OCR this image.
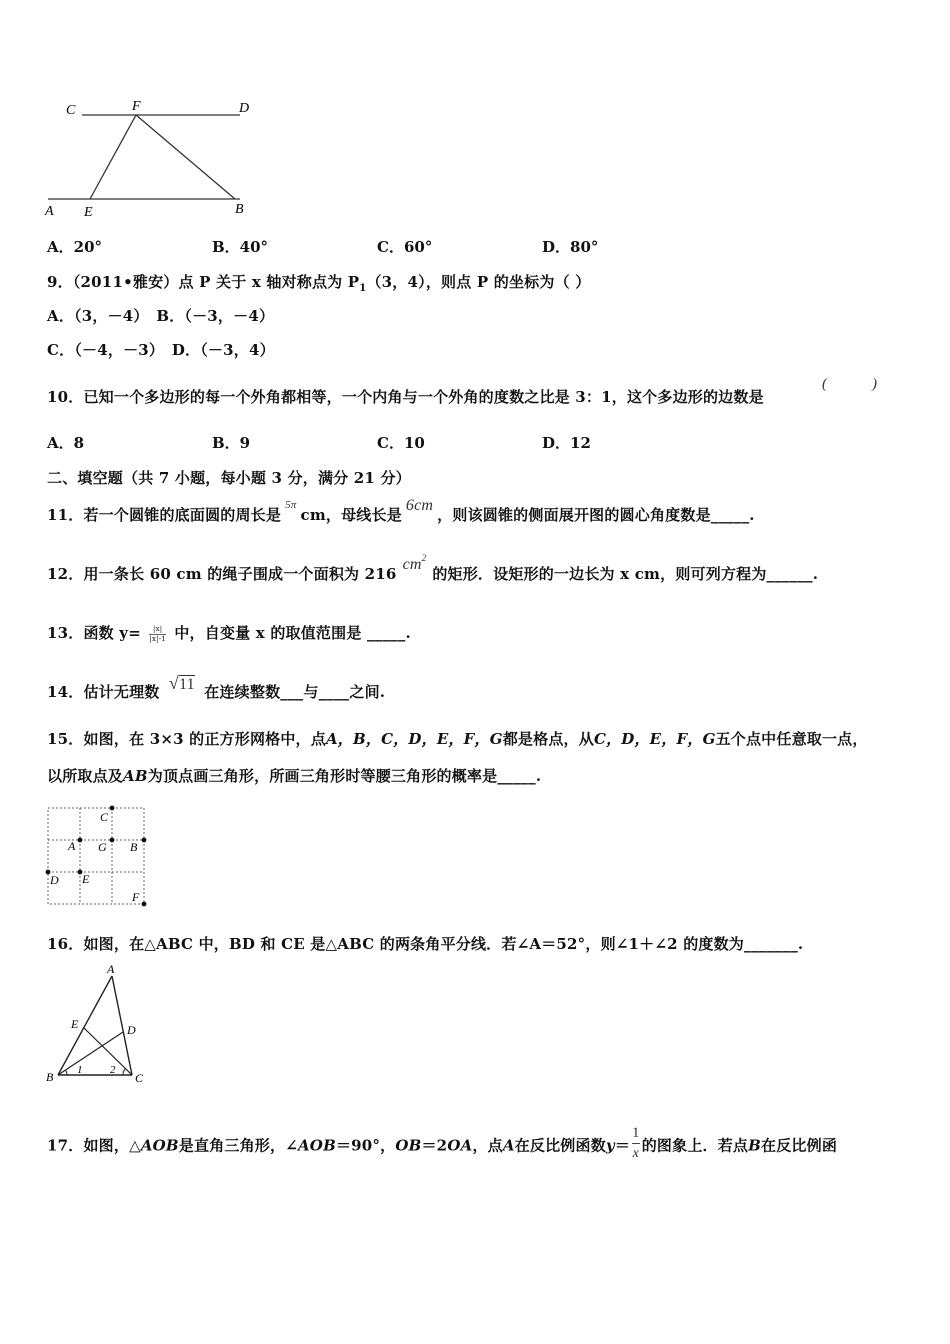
C	F	D
A E	B
A．20°	B．40°	C．60°	D．80°
9．（2011•雅安）点 P 关于 x 轴对称点为 $P_1(3$，4），则点 P 的坐标为（ ）
A．（3，－4）　B．（－3，－4）
C．（－4，－3）　D．（－3，4）
10．已知一个多边形的每一个外角都相等，一个内角与一个外角的度数之比是 3：1，这个多边形的边数是
(　　　)
A．8	B．9	C．10	D．12
二、填空题（共 7 小题，每小题 3 分，满分 21 分）
11．若一个圆锥的底面圆的周长是$^{5\pi}$cm，母线长是6cm，则该圆锥的侧面展开图的圆心角度数是_____.
12．用一条长 60 cm 的绳子围成一个面积为 $216cm^2$的矩形．设矩形的一边长为 x cm，则可列方程为______.
13．函数 $y= \frac{|x|}{|x|-1}$ 中，自变量 x 的取值范围是 _____.
14．估计无理数 √11 在连续整数___与____之间.
15．如图，在 3×3 的正方形网格中，点A，B，C，D，E，F，G都是格点，从C，D，E，F，G五个点中任意取一点，
以所取点及AB为顶点画三角形，所画三角形时等腰三角形的概率是_____.
C
A G B
D E
F
16．如图，在△ABC 中，BD 和 CE 是△ABC 的两条角平分线．若∠A＝52°，则∠1＋∠2 的度数为_______.
A
E	D
B 1	2
C
17．如图，△AOB是直角三角形，∠AOB＝90°，OB＝2OA，点A在反比例函数$y= \frac{1}{x}$ 的图象上．若点B在反比例函
